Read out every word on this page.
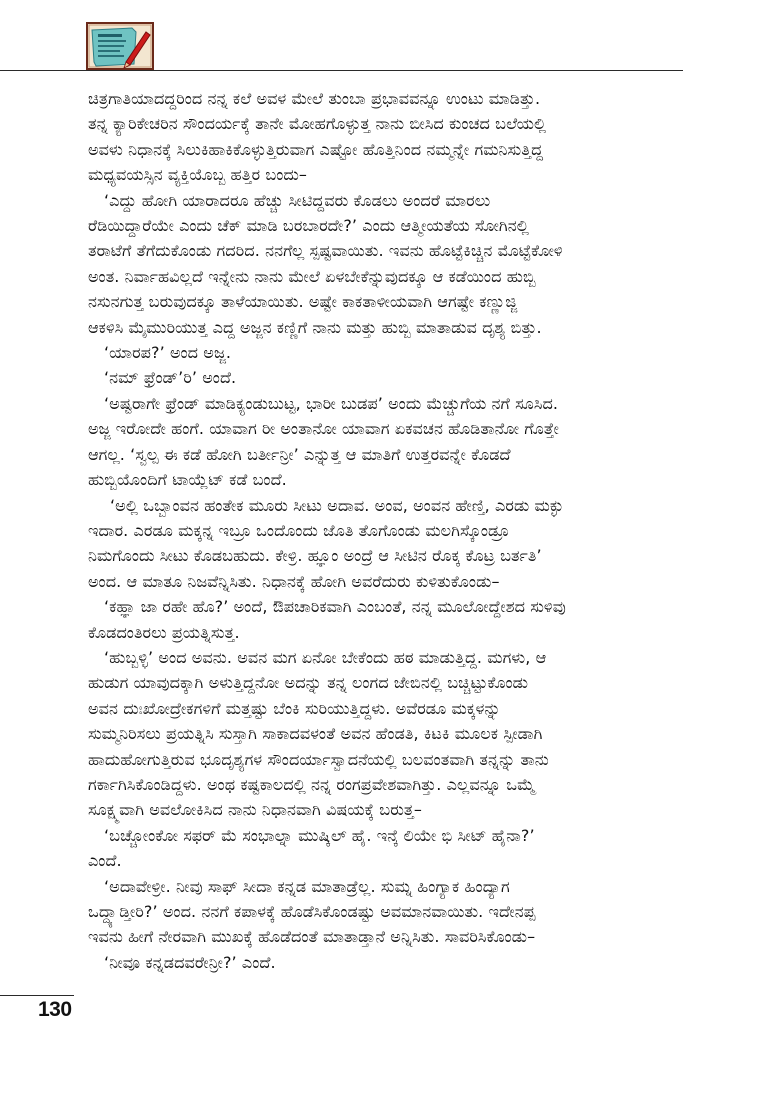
ಚಿತ್ರಗಾತಿಯಾದದ್ದರಿಂದ ನನ್ನ ಕಲೆ ಅವಳ ಮೇಲೆ ತುಂಬಾ ಪ್ರಭಾವವನ್ನೂ ಉಂಟು ಮಾಡಿತ್ತು.

ತನ್ನ ಕ್ಯಾರಿಕೇಚರಿನ ಸೌಂದರ್ಯಕ್ಕೆ ತಾನೇ ಮೋಹಗೊಳ್ಳುತ್ತ ನಾನು ಬೀಸಿದ ಕುಂಚದ ಬಲೆಯಲ್ಲಿ

ಅವಳು ನಿಧಾನಕ್ಕೆ ಸಿಲುಕಿಹಾಕಿಕೊಳ್ಳುತ್ತಿರುವಾಗ ಎಷ್ಟೋ ಹೊತ್ತಿನಿಂದ ನಮ್ಮನ್ನೇ ಗಮನಿಸುತ್ತಿದ್ದ

ಮಧ್ಯವಯಸ್ಸಿನ ವ್ಯಕ್ತಿಯೊಬ್ಬ ಹತ್ತಿರ ಬಂದು–

‘ಎದ್ದು ಹೋಗಿ ಯಾರಾದರೂ ಹೆಚ್ಚು ಸೀಟಿದ್ದವರು ಕೊಡಲು ಅಂದರೆ ಮಾರಲು

ರೆಡಿಯಿದ್ದಾರೆಯೇ ಎಂದು ಚೆಕ್ ಮಾಡಿ ಬರಬಾರದೇ?’ ಎಂದು ಆತ್ಮೀಯತೆಯ ಸೋಗಿನಲ್ಲಿ

ತರಾಟೆಗೆ ತೆಗೆದುಕೊಂಡು ಗದರಿದ. ನನಗೆಲ್ಲ ಸ್ಪಷ್ಟವಾಯಿತು. ಇವನು ಹೊಟ್ಟೆಕಿಚ್ಚಿನ ಮೊಟ್ಟೆಕೋಳಿ

ಅಂತ. ನಿರ್ವಾಹವಿಲ್ಲದೆ ಇನ್ನೇನು ನಾನು ಮೇಲೆ ಏಳಬೇಕೆನ್ನುವುದಕ್ಕೂ ಆ ಕಡೆಯಿಂದ ಹುಬ್ಬಿ

ನಸುನಗುತ್ತ ಬರುವುದಕ್ಕೂ ತಾಳೆಯಾಯಿತು. ಅಷ್ಟೇ ಕಾಕತಾಳೀಯವಾಗಿ ಆಗಷ್ಟೇ ಕಣ್ಣುಜ್ಜಿ

ಆಕಳಿಸಿ ಮೈಮುರಿಯುತ್ತ ಎದ್ದ ಅಜ್ಜನ ಕಣ್ಣಿಗೆ ನಾನು ಮತ್ತು ಹುಬ್ಬಿ ಮಾತಾಡುವ ದೃಶ್ಯ ಬಿತ್ತು.

‘ಯಾರಪ?’ ಅಂದ ಅಜ್ಜ.

‘ನಮ್ ಫ್ರೆಂಡ್’ರಿ’ ಅಂದೆ.

‘ಅಷ್ಟರಾಗೇ ಫ್ರೆಂಡ್ ಮಾಡಿಕ್ಯಂಡುಬುಟ್ಟ, ಭಾರೀ ಬುಡಪ’ ಅಂದು ಮೆಚ್ಚುಗೆಯ ನಗೆ ಸೂಸಿದ.

ಅಜ್ಜ ಇರೋದೇ ಹಂಗೆ. ಯಾವಾಗ ರೀ ಅಂತಾನೋ ಯಾವಾಗ ಏಕವಚನ ಹೊಡಿತಾನೋ ಗೊತ್ತೇ

ಆಗಲ್ಲ. ‘ಸ್ವಲ್ಪ ಈ ಕಡೆ ಹೋಗಿ ಬರ್ತೀನ್ರೀ’ ಎನ್ನುತ್ತ ಆ ಮಾತಿಗೆ ಉತ್ತರವನ್ನೇ ಕೊಡದೆ

ಹುಬ್ಬಿಯೊಂದಿಗೆ ಟಾಯ್ಲೆಟ್ ಕಡೆ ಬಂದೆ.

‘ಅಲ್ಲಿ ಒಬ್ಬಾಂವನ ಹಂತೇಕ ಮೂರು ಸೀಟು ಅದಾವ. ಅಂವ, ಅಂವನ ಹೇಣ್ತಿ, ಎರಡು ಮಕ್ಳು

ಇದಾರ. ಎರಡೂ ಮಕ್ಕನ್ನ ಇಬ್ರೂ ಒಂದೊಂದು ಜೊತಿ ತೊಗೊಂಡು ಮಲಗಿಸ್ಕೊಂಡ್ರೂ

ನಿಮಗೊಂದು ಸೀಟು ಕೊಡಬಹುದು. ಕೇಳ್ರಿ. ಹ್ಞೂಂ ಅಂದ್ರೆ ಆ ಸೀಟಿನ ರೊಕ್ಕ ಕೊಟ್ರ ಬರ್ತತಿ’

ಅಂದ. ಆ ಮಾತೂ ನಿಜವೆನ್ನಿಸಿತು. ನಿಧಾನಕ್ಕೆ ಹೋಗಿ ಅವರೆದುರು ಕುಳಿತುಕೊಂಡು–

‘ಕಹ್ಞಾ ಜಾ ರಹೇ ಹೊ?’ ಅಂದೆ, ಔಪಚಾರಿಕವಾಗಿ ಎಂಬಂತೆ, ನನ್ನ ಮೂಲೋದ್ದೇಶದ ಸುಳಿವು

ಕೊಡದಂತಿರಲು ಪ್ರಯತ್ನಿಸುತ್ತ.

‘ಹುಬ್ಬಳ್ಳಿ’ ಅಂದ ಅವನು. ಅವನ ಮಗ ಏನೋ ಬೇಕೆಂದು ಹಠ ಮಾಡುತ್ತಿದ್ದ. ಮಗಳು, ಆ

ಹುಡುಗ ಯಾವುದಕ್ಕಾಗಿ ಅಳುತ್ತಿದ್ದನೋ ಅದನ್ನು ತನ್ನ ಲಂಗದ ಜೇಬಿನಲ್ಲಿ ಬಚ್ಚಿಟ್ಟುಕೊಂಡು

ಅವನ ದುಃಖೋದ್ರೇಕಗಳಿಗೆ ಮತ್ತಷ್ಟು ಬೆಂಕಿ ಸುರಿಯುತ್ತಿದ್ದಳು. ಅವೆರಡೂ ಮಕ್ಕಳನ್ನು

ಸುಮ್ಮನಿರಿಸಲು ಪ್ರಯತ್ನಿಸಿ ಸುಸ್ತಾಗಿ ಸಾಕಾದವಳಂತೆ ಅವನ ಹೆಂಡತಿ, ಕಿಟಕಿ ಮೂಲಕ ಸ್ಪೀಡಾಗಿ

ಹಾದುಹೋಗುತ್ತಿರುವ ಭೂದೃಶ್ಯಗಳ ಸೌಂದರ್ಯಾಸ್ವಾದನೆಯಲ್ಲಿ ಬಲವಂತವಾಗಿ ತನ್ನನ್ನು ತಾನು

ಗರ್ಕಾಗಿಸಿಕೊಂಡಿದ್ದಳು. ಅಂಥ ಕಷ್ಟಕಾಲದಲ್ಲಿ ನನ್ನ ರಂಗಪ್ರವೇಶವಾಗಿತ್ತು. ಎಲ್ಲವನ್ನೂ ಒಮ್ಮೆ

ಸೂಕ್ಷ್ಮವಾಗಿ ಅವಲೋಕಿಸಿದ ನಾನು ನಿಧಾನವಾಗಿ ವಿಷಯಕ್ಕೆ ಬರುತ್ತ–

‘ಬಚ್ಚೋಂಕೋ ಸಫರ್ ಮೆ ಸಂಭಾಲ್ನಾ ಮುಷ್ಕಿಲ್ ಹೈ. ಇನ್ಕೆ ಲಿಯೇ ಭಿ ಸೀಟ್ ಹೈನಾ?’

ಎಂದೆ.

‘ಅದಾವೇಳ್ರೀ. ನೀವು ಸಾಫ್ ಸೀದಾ ಕನ್ನಡ ಮಾತಾಡ್ರೆಲ್ಲ. ಸುಮ್ನ ಹಿಂಗ್ಯಾಕ ಹಿಂದ್ಯಾಗ

ಒದ್ದ್ಯಾಡ್ತೀರಿ?’ ಅಂದ. ನನಗೆ ಕಪಾಳಕ್ಕೆ ಹೊಡೆಸಿಕೊಂಡಷ್ಟು ಅವಮಾನವಾಯಿತು. ಇದೇನಪ್ಪ

ಇವನು ಹೀಗೆ ನೇರವಾಗಿ ಮುಖಕ್ಕೆ ಹೊಡೆದಂತೆ ಮಾತಾಡ್ತಾನೆ ಅನ್ನಿಸಿತು. ಸಾವರಿಸಿಕೊಂಡು–

‘ನೀವೂ ಕನ್ನಡದವರೇನ್ರೀ?’ ಎಂದೆ.

130
